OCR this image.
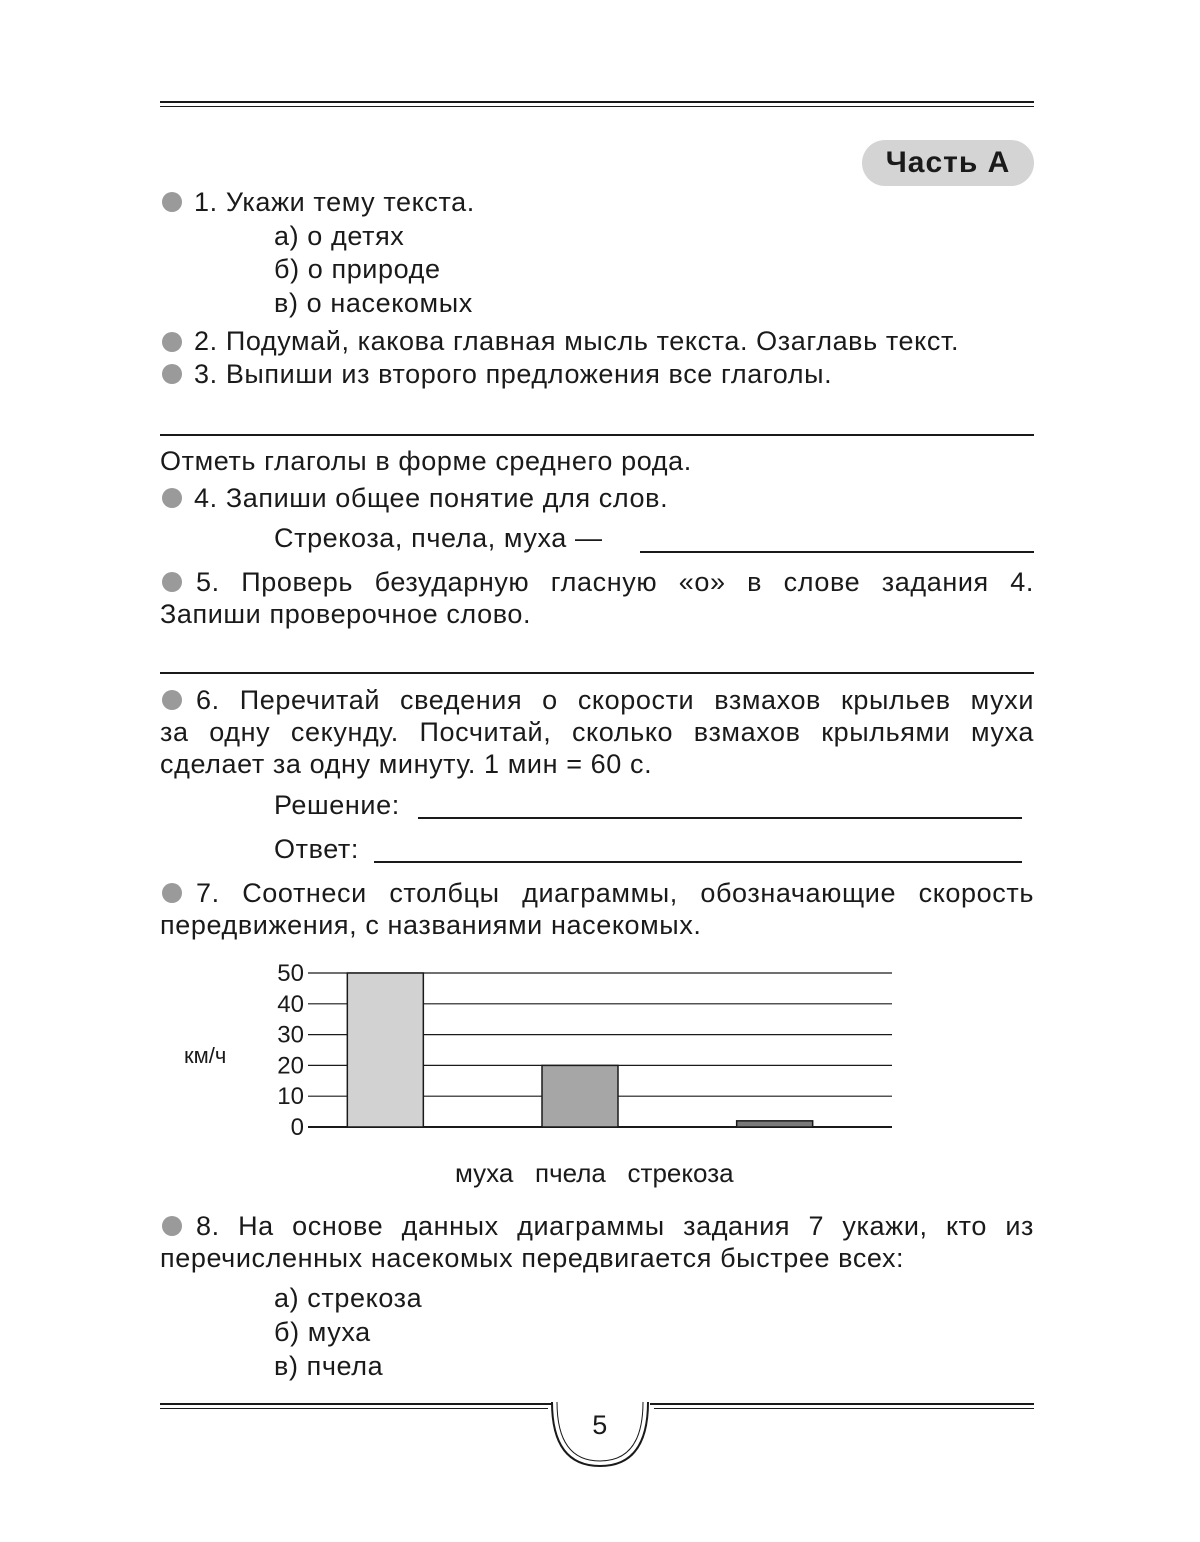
Часть А
1. Укажи тему текста.
а) о детях
б) о природе
в) о насекомых
2. Подумай, какова главная мысль текста. Озаглавь текст.
3. Выпиши из второго предложения все глаголы.
Отметь глаголы в форме среднего рода.
4. Запиши общее понятие для слов.
Стрекоза, пчела, муха —
5. Проверь безударную гласную «о» в слове задания 4.
Запиши проверочное слово.
6. Перечитай сведения о скорости взмахов крыльев мухи
за одну секунду. Посчитай, сколько взмахов крыльями муха
сделает за одну минуту. 1 мин = 60 с.
Решение:
Ответ:
7. Соотнеси столбцы диаграммы, обозначающие скорость
передвижения, с названиями насекомых.
50
40
30
20
10
0
км/ч
муха   пчела   стрекоза
8. На основе данных диаграммы задания 7 укажи, кто из
перечисленных насекомых передвигается быстрее всех:
а) стрекоза
б) муха
в) пчела
5
